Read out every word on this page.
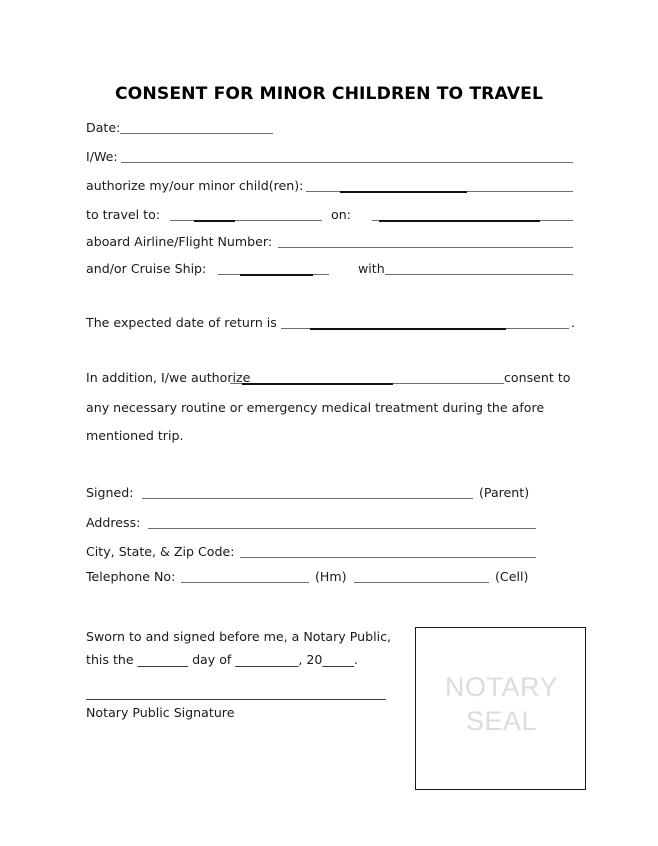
CONSENT FOR MINOR CHILDREN TO TRAVEL
Date:
I/We:
authorize my/our minor child(ren):
to travel to:	on:
aboard Airline/Flight Number:
and/or Cruise Ship:	with
The expected date of return is	.
In addition, I/we authorize	consent to
any necessary routine or emergency medical treatment during the afore
mentioned trip.
Signed:	(Parent)
Address:
City, State, & Zip Code:
Telephone No:	(Hm)	(Cell)
Sworn to and signed before me, a Notary Public,
this the ________ day of __________, 20_____.
Notary Public Signature
NOTARY
SEAL
